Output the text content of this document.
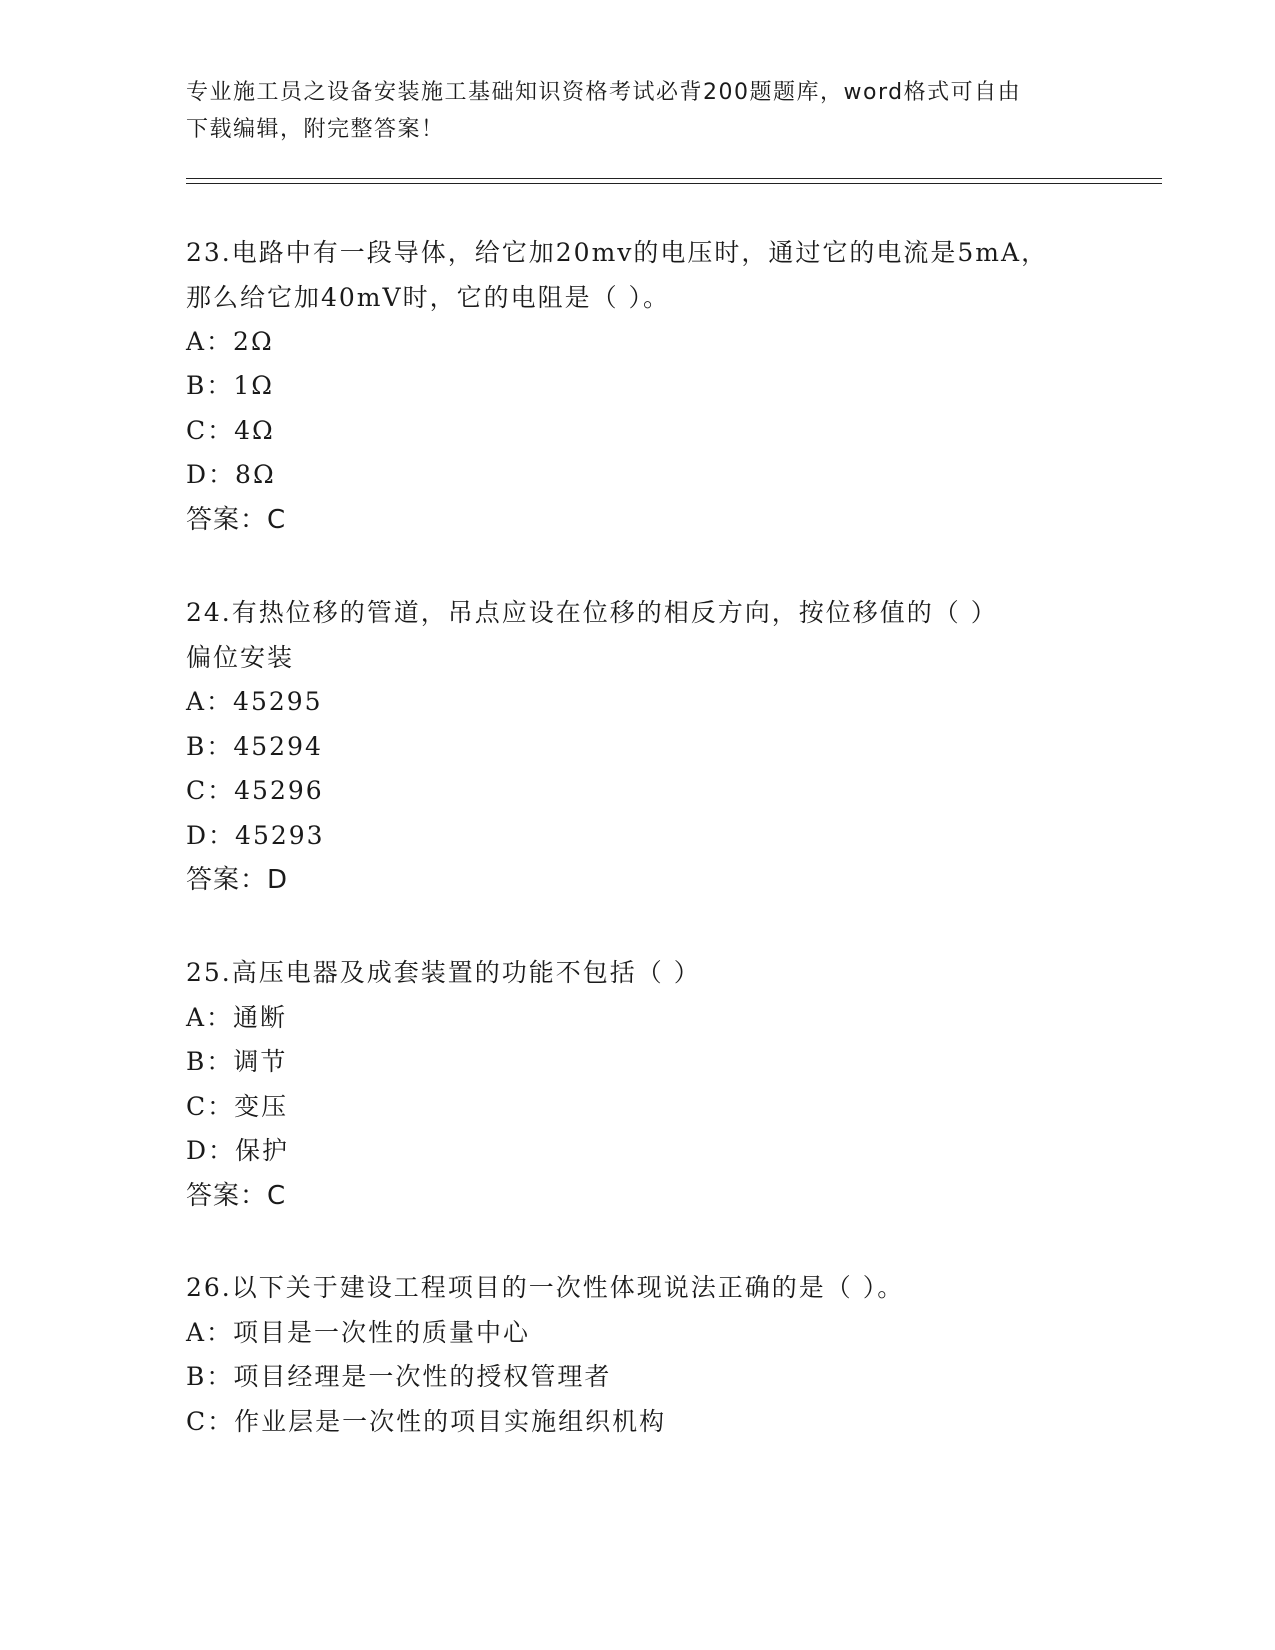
专业施工员之设备安装施工基础知识资格考试必背200题题库，word格式可自由
下载编辑，附完整答案！
23.电路中有一段导体，给它加20mv的电压时，通过它的电流是5mA，
那么给它加40mV时，它的电阻是（ ）。
A：2Ω
B：1Ω
C：4Ω
D：8Ω
答案：C
24.有热位移的管道，吊点应设在位移的相反方向，按位移值的（ ）
偏位安装
A：45295
B：45294
C：45296
D：45293
答案：D
25.高压电器及成套装置的功能不包括（ ）
A：通断
B：调节
C：变压
D：保护
答案：C
26.以下关于建设工程项目的一次性体现说法正确的是（ ）。
A：项目是一次性的质量中心
B：项目经理是一次性的授权管理者
C：作业层是一次性的项目实施组织机构
